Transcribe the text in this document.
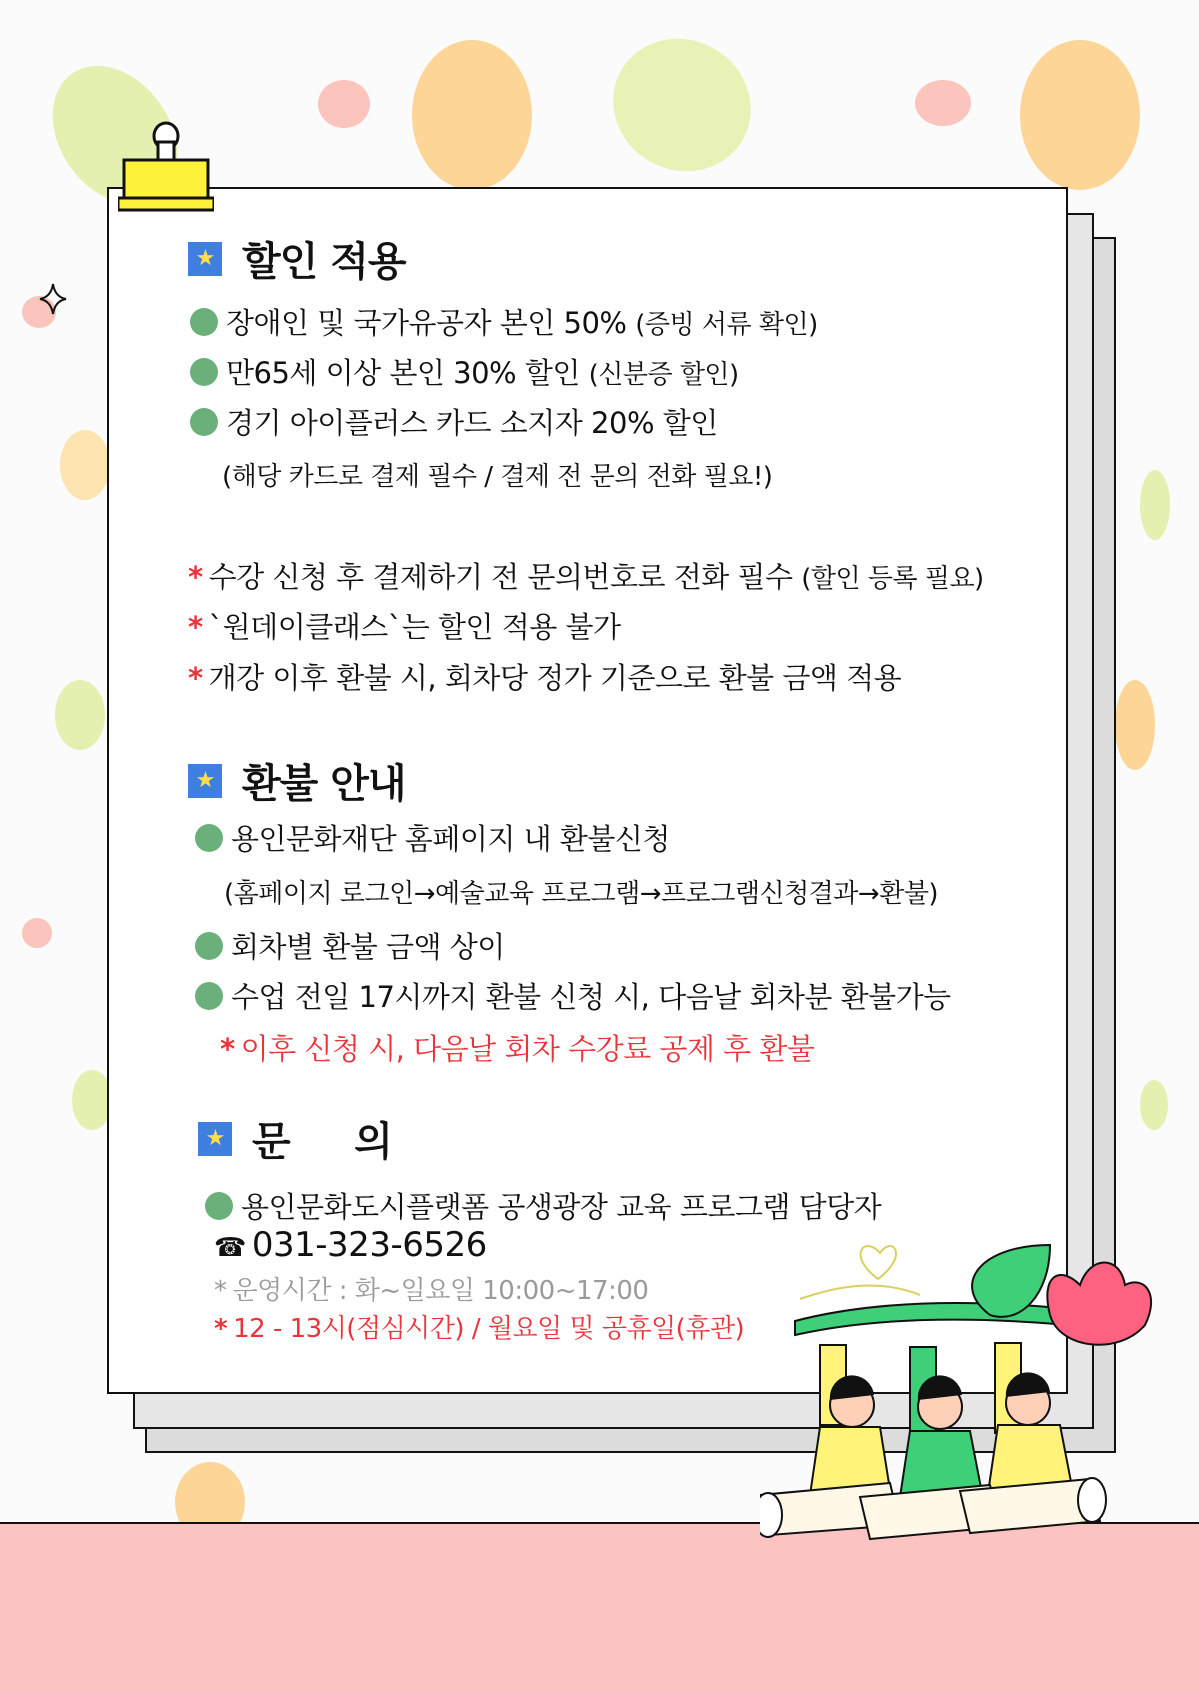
★ 할인 적용
장애인 및 국가유공자 본인 50% (증빙 서류 확인)
만65세 이상 본인 30% 할인 (신분증 할인)
경기 아이플러스 카드 소지자 20% 할인
(해당 카드로 결제 필수 / 결제 전 문의 전화 필요!)
* 수강 신청 후 결제하기 전 문의번호로 전화 필수 (할인 등록 필요)
* `원데이클래스`는 할인 적용 불가
* 개강 이후 환불 시, 회차당 정가 기준으로 환불 금액 적용
★ 환불 안내
용인문화재단 홈페이지 내 환불신청
(홈페이지 로그인→예술교육 프로그램→프로그램신청결과→환불)
회차별 환불 금액 상이
수업 전일 17시까지 환불 신청 시, 다음날 회차분 환불가능
* 이후 신청 시, 다음날 회차 수강료 공제 후 환불
★ 문     의
용인문화도시플랫폼 공생광장 교육 프로그램 담당자
☎ 031-323-6526
* 운영시간 : 화~일요일 10:00~17:00
* 12 - 13시(점심시간) / 월요일 및 공휴일(휴관)
